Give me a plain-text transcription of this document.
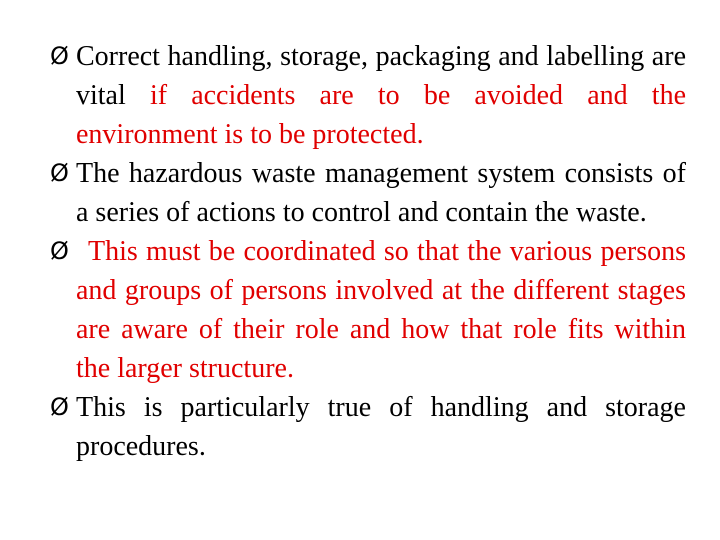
Ø Correct handling, storage, packaging and labelling are vital if accidents are to be avoided and the environment is to be protected.

Ø The hazardous waste management system consists of a series of actions to control and contain the waste.

Ø This must be coordinated so that the various persons and groups of persons involved at the different stages are aware of their role and how that role fits within the larger structure.

Ø This is particularly true of handling and storage procedures.
